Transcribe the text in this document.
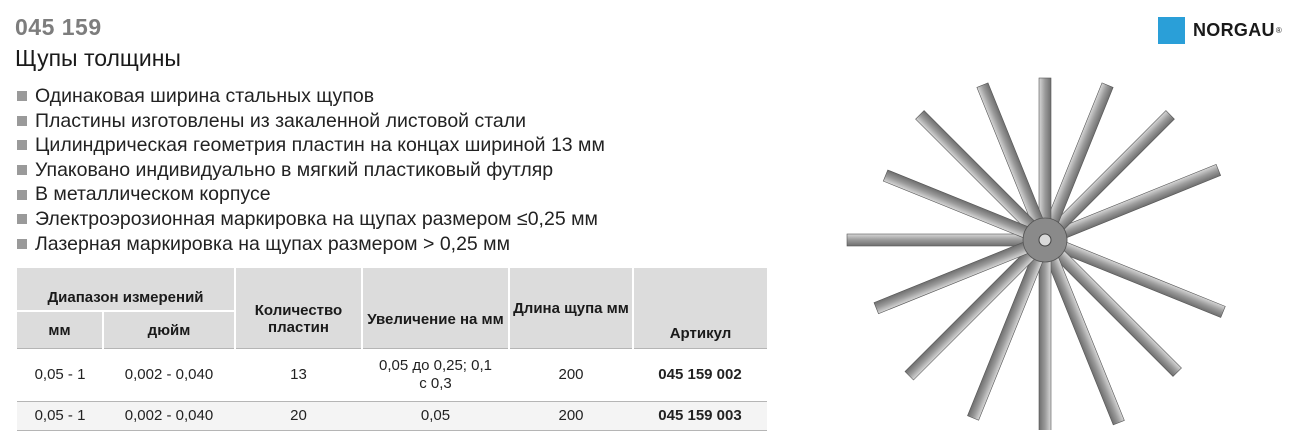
045 159
Щупы толщины
Одинаковая ширина стальных щупов
Пластины изготовлены из закаленной листовой стали
Цилиндрическая геометрия пластин на концах шириной 13 мм
Упаковано индивидуально в мягкий пластиковый футляр
В металлическом корпусе
Электроэрозионная маркировка на щупах размером ≤0,25 мм
Лазерная маркировка на щупах размером > 0,25 мм
Диапазон измерений		Количество пластин	Увеличение на мм	Длина щупа мм	Артикул
мм	дюйм				
0,05 - 1	0,002 - 0,040	13	0,05 до 0,25; 0,1 с 0,3	200	045 159 002
0,05 - 1	0,002 - 0,040	20	0,05	200	045 159 003
NORGAU ®
